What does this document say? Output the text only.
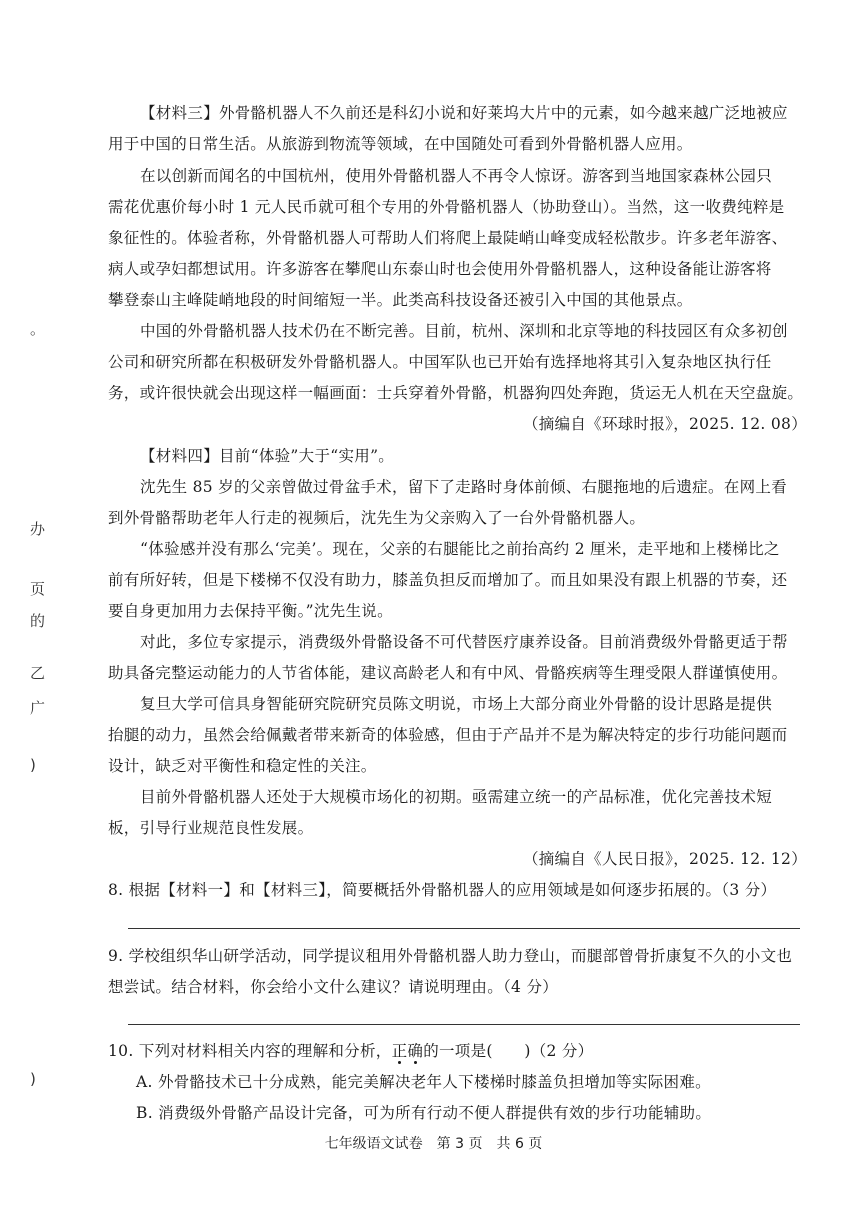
。
办
页
的
乙
广
)
)
【材料三】外骨骼机器人不久前还是科幻小说和好莱坞大片中的元素，如今越来越广泛地被应
用于中国的日常生活。从旅游到物流等领域，在中国随处可看到外骨骼机器人应用。
在以创新而闻名的中国杭州，使用外骨骼机器人不再令人惊讶。游客到当地国家森林公园只
需花优惠价每小时 1 元人民币就可租个专用的外骨骼机器人（协助登山）。当然，这一收费纯粹是
象征性的。体验者称，外骨骼机器人可帮助人们将爬上最陡峭山峰变成轻松散步。许多老年游客、
病人或孕妇都想试用。许多游客在攀爬山东泰山时也会使用外骨骼机器人，这种设备能让游客将
攀登泰山主峰陡峭地段的时间缩短一半。此类高科技设备还被引入中国的其他景点。
中国的外骨骼机器人技术仍在不断完善。目前，杭州、深圳和北京等地的科技园区有众多初创
公司和研究所都在积极研发外骨骼机器人。中国军队也已开始有选择地将其引入复杂地区执行任
务，或许很快就会出现这样一幅画面：士兵穿着外骨骼，机器狗四处奔跑，货运无人机在天空盘旋。
（摘编自《环球时报》，2025. 12. 08）
【材料四】目前“体验”大于“实用”。
沈先生 85 岁的父亲曾做过骨盆手术，留下了走路时身体前倾、右腿拖地的后遗症。在网上看
到外骨骼帮助老年人行走的视频后，沈先生为父亲购入了一台外骨骼机器人。
“体验感并没有那么‘完美’。现在，父亲的右腿能比之前抬高约 2 厘米，走平地和上楼梯比之
前有所好转，但是下楼梯不仅没有助力，膝盖负担反而增加了。而且如果没有跟上机器的节奏，还
要自身更加用力去保持平衡。”沈先生说。
对此，多位专家提示，消费级外骨骼设备不可代替医疗康养设备。目前消费级外骨骼更适于帮
助具备完整运动能力的人节省体能，建议高龄老人和有中风、骨骼疾病等生理受限人群谨慎使用。
复旦大学可信具身智能研究院研究员陈文明说，市场上大部分商业外骨骼的设计思路是提供
抬腿的动力，虽然会给佩戴者带来新奇的体验感，但由于产品并不是为解决特定的步行功能问题而
设计，缺乏对平衡性和稳定性的关注。
目前外骨骼机器人还处于大规模市场化的初期。亟需建立统一的产品标准，优化完善技术短
板，引导行业规范良性发展。
（摘编自《人民日报》，2025. 12. 12）
8. 根据【材料一】和【材料三】，简要概括外骨骼机器人的应用领域是如何逐步拓展的。（3 分）
9. 学校组织华山研学活动，同学提议租用外骨骼机器人助力登山，而腿部曾骨折康复不久的小文也
想尝试。结合材料，你会给小文什么建议？请说明理由。（4 分）
10. 下列对材料相关内容的理解和分析，正确的一项是(　　)（2 分）
A. 外骨骼技术已十分成熟，能完美解决老年人下楼梯时膝盖负担增加等实际困难。
B. 消费级外骨骼产品设计完备，可为所有行动不便人群提供有效的步行功能辅助。
七年级语文试卷　第 3 页　共 6 页
